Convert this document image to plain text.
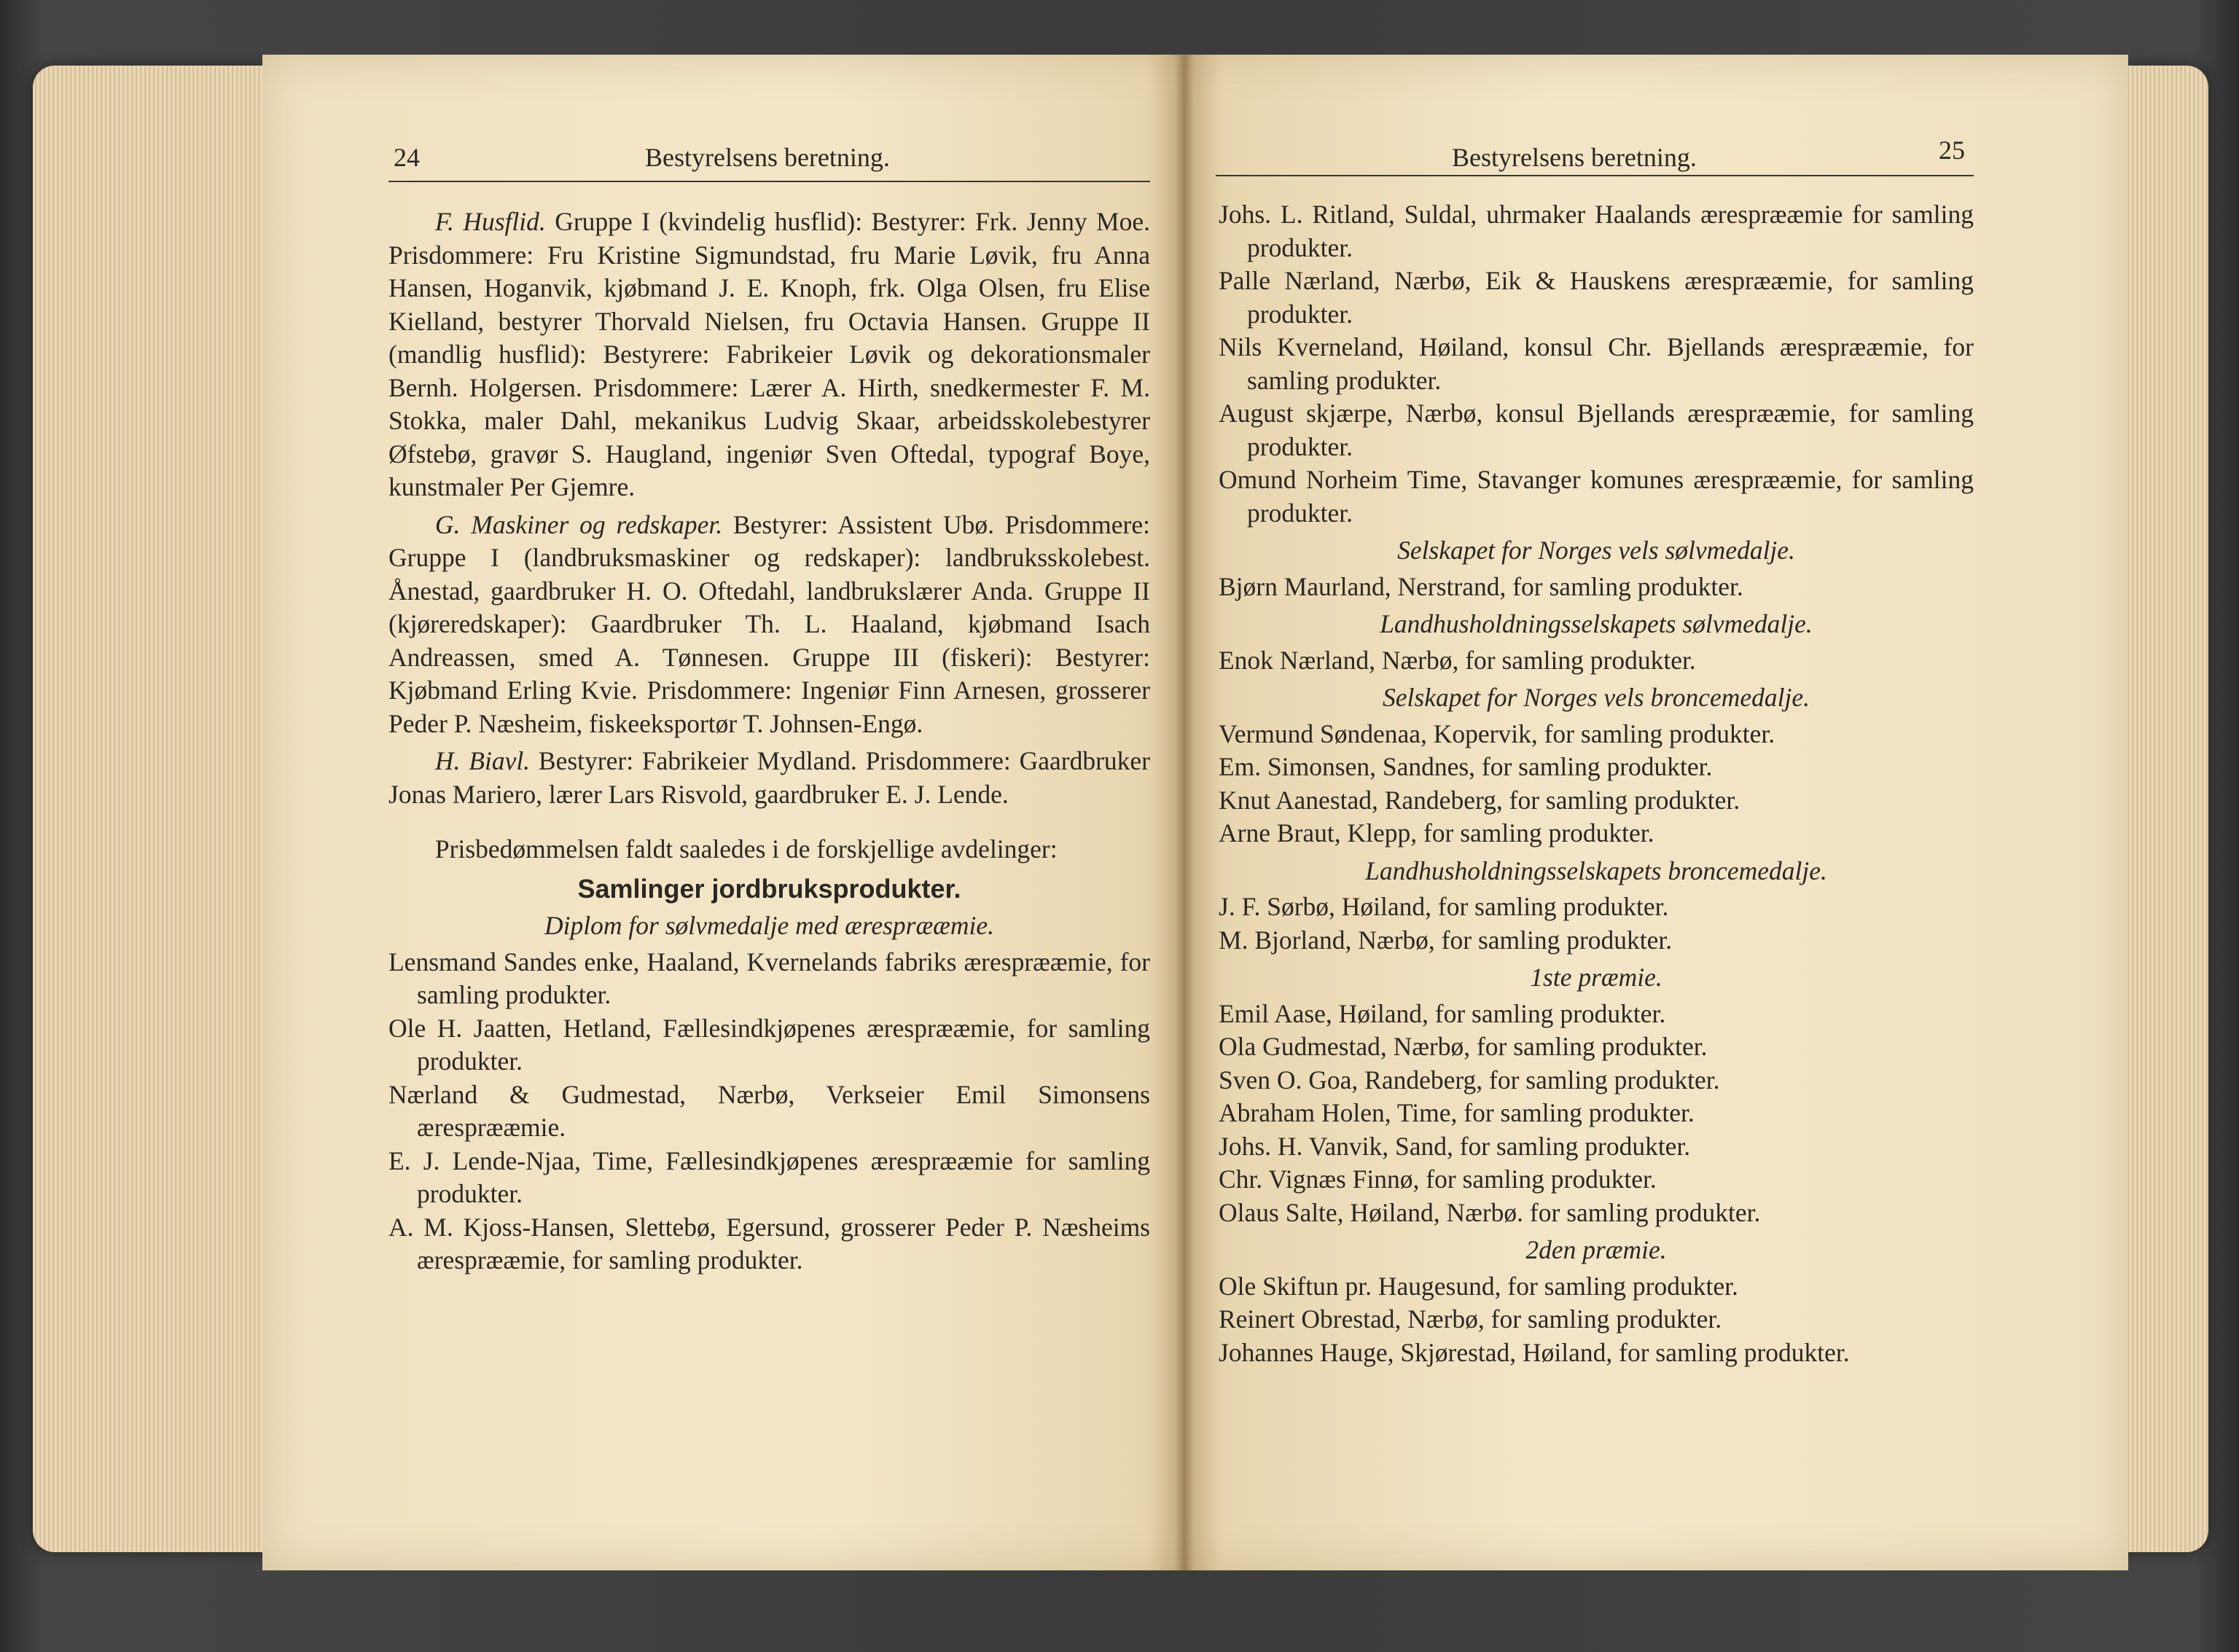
24	Bestyrelsens beretning.	Bestyrelsens beretning.	25

F. Husflid. Gruppe I (kvindelig husflid): Bestyrer: Frk. Jenny Moe. Prisdommere: Fru Kristine Sigmundstad, fru Marie Løvik, fru Anna Hansen, Hoganvik, kjøbmand J. E. Knoph, frk. Olga Olsen, fru Elise Kielland, bestyrer Thorvald Nielsen, fru Octavia Hansen. Gruppe II (mandlig husflid): Bestyrere: Fabrikeier Løvik og dekorationsmaler Bernh. Holgersen. Prisdommere: Lærer A. Hirth, snedkermester F. M. Stokka, maler Dahl, mekanikus Ludvig Skaar, arbeidsskolebestyrer Øfstebø, gravør S. Haugland, ingeniør Sven Oftedal, typograf Boye, kunstmaler Per Gjemre.

G. Maskiner og redskaper. Bestyrer: Assistent Ubø. Prisdommere: Gruppe I (landbruksmaskiner og redskaper): landbruksskolebest. Ånestad, gaardbruker H. O. Oftedahl, landbrukslærer Anda. Gruppe II (kjøreredskaper): Gaardbruker Th. L. Haaland, kjøbmand Isach Andreassen, smed A. Tønnesen. Gruppe III (fiskeri): Bestyrer: Kjøbmand Erling Kvie. Prisdommere: Ingeniør Finn Arnesen, grosserer Peder P. Næsheim, fiskeeksportør T. Johnsen-Engø.

H. Biavl. Bestyrer: Fabrikeier Mydland. Prisdommere: Gaardbruker Jonas Mariero, lærer Lars Risvold, gaardbruker E. J. Lende.

Prisbedømmelsen faldt saaledes i de forskjellige avdelinger:

Samlinger jordbruksprodukter.
Diplom for sølvmedalje med æresprææmie.

Lensmand Sandes enke, Haaland, Kvernelands fabriks æresprææmie, for samling produkter.

Ole H. Jaatten, Hetland, Fællesindkjøpenes æresprææmie, for samling produkter.

Nærland & Gudmestad, Nærbø, Verkseier Emil Simonsens æresprææmie.

E. J. Lende-Njaa, Time, Fællesindkjøpenes æresprææmie for samling produkter.

A. M. Kjoss-Hansen, Slettebø, Egersund, grosserer Peder P. Næsheims æresprææmie, for samling produkter.

Johs. L. Ritland, Suldal, uhrmaker Haalands æresprææmie for samling produkter.

Palle Nærland, Nærbø, Eik & Hauskens æresprææmie, for samling produkter.

Nils Kverneland, Høiland, konsul Chr. Bjellands æresprææmie, for samling produkter.

August skjærpe, Nærbø, konsul Bjellands æresprææmie, for samling produkter.

Omund Norheim Time, Stavanger komunes æresprææmie, for samling produkter.

Selskapet for Norges vels sølvmedalje.

Bjørn Maurland, Nerstrand, for samling produkter.

Landhusholdningsselskapets sølvmedalje.

Enok Nærland, Nærbø, for samling produkter.

Selskapet for Norges vels broncemedalje.

Vermund Søndenaa, Kopervik, for samling produkter.

Em. Simonsen, Sandnes, for samling produkter.

Knut Aanestad, Randeberg, for samling produkter.

Arne Braut, Klepp, for samling produkter.

Landhusholdningsselskapets broncemedalje.

J. F. Sørbø, Høiland, for samling produkter.

M. Bjorland, Nærbø, for samling produkter.

1ste præmie.

Emil Aase, Høiland, for samling produkter.

Ola Gudmestad, Nærbø, for samling produkter.

Sven O. Goa, Randeberg, for samling produkter.

Abraham Holen, Time, for samling produkter.

Johs. H. Vanvik, Sand, for samling produkter.

Chr. Vignæs Finnø, for samling produkter.

Olaus Salte, Høiland, Nærbø. for samling produkter.

2den præmie.

Ole Skiftun pr. Haugesund, for samling produkter.

Reinert Obrestad, Nærbø, for samling produkter.

Johannes Hauge, Skjørestad, Høiland, for samling produkter.
